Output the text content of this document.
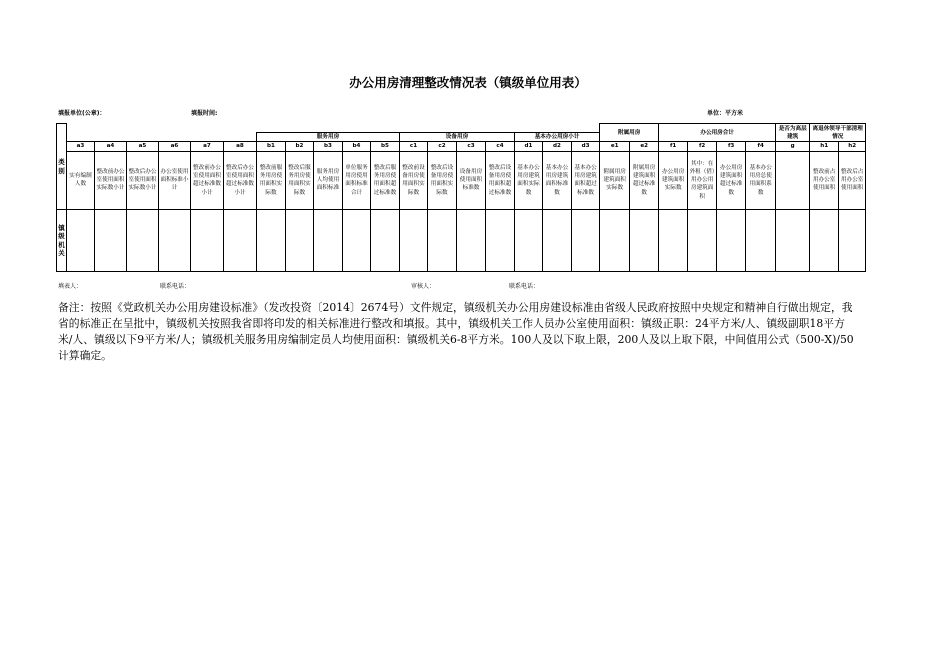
办公用房清理整改情况表（镇级单位用表）
填报单位(公章)：	填报时间:	单位：平方米
类
别																			附属用房		办公用房合计				是否为高层建筑	离退休领导干部清理情况	
							服务用房					设备用房				基本办公用房小计											
	a3	a4	a5	a6	a7	a8	b1	b2	b3	b4	b5	c1	c2	c3	c4	d1	d2	d3	e1	e2	f1	f2	f3	f4	g	h1	h2
	实有编制人数	整改前办公室使用面积实际数小计	整改后办公室使用面积实际数小计	办公室使用面积标准小计	整改前办公室使用面积超过标准数小计	整改后办公室使用面积超过标准数小计	整改前服务用房使用面积实际数	整改后服务用房使用面积实际数	服务用房人均使用面积标准	单位服务用房使用面积标准合计	整改后服务用房使用面积超过标准数	整改前设备用房使用面积实际数	整改后设备用房使用面积实际数	设备用房使用面积标准数	整改后设备用房使用面积超过标准数	基本办公用房建筑面积实际数	基本办公用房建筑面积标准数	基本办公用房建筑面积超过标准数	附属用房建筑面积实际数	附属用房建筑面积超过标准数	办公用房建筑面积实际数	其中：在外租（借）用办公用房建筑面积	办公用房建筑面积超过标准数	基本办公用房总使用面积系数		整改前占用办公室使用面积	整改后占用办公室使用面积
镇
级
机
关																											
填表人：	联系电话：	审核人：	联系电话：
备注：按照《党政机关办公用房建设标准》（发改投资〔2014〕2674号）文件规定，镇级机关办公用房建设标准由省级人民政府按照中央规定和精神自行做出规定，我省的标准正在呈批中，镇级机关按照我省即将印发的相关标准进行整改和填报。其中，镇级机关工作人员办公室使用面积：镇级正职：24平方米/人、镇级副职18平方米/人、镇级以下9平方米/人；镇级机关服务用房编制定员人均使用面积：镇级机关6-8平方米。100人及以下取上限，200人及以上取下限，中间值用公式（500-X)/50计算确定。
